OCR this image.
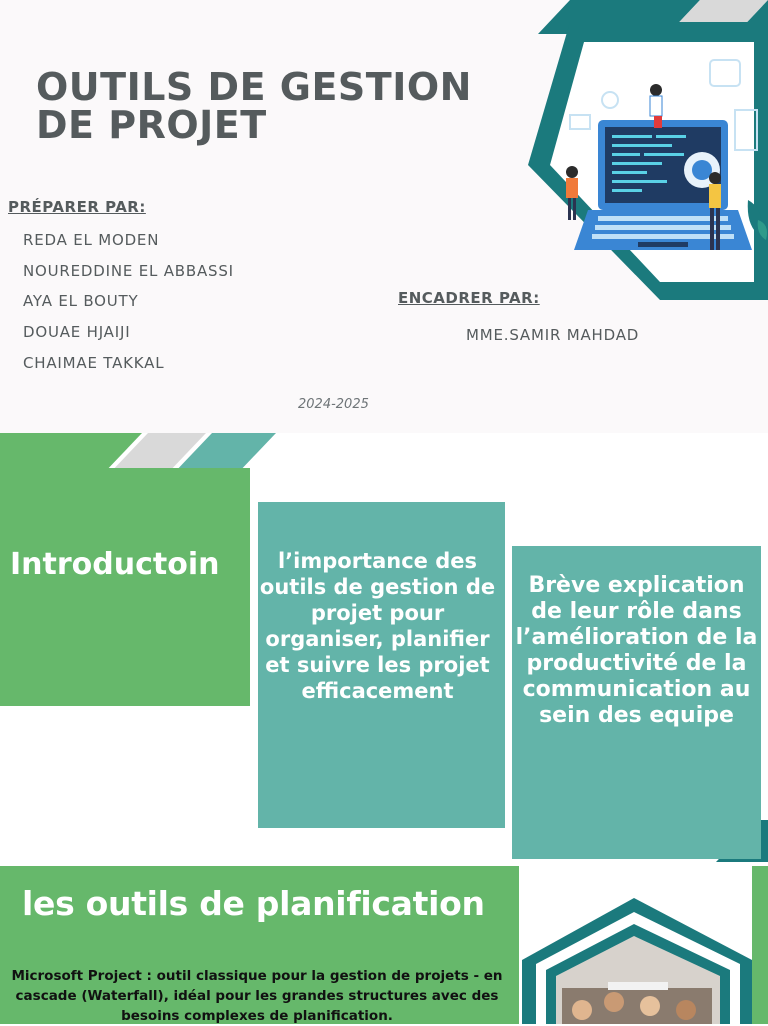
OUTILS DE GESTION
DE PROJET
PRÉPARER PAR:
REDA EL MODEN
NOUREDDINE EL ABBASSI
AYA EL BOUTY
DOUAE HJAIJI
CHAIMAE TAKKAL
ENCADRER PAR:
MME.SAMIR MAHDAD
2024-2025
Introductoin	l’importance des outils de gestion de projet pour organiser, planifier et suivre les projet efficacement
Brève explication de leur rôle dans l’amélioration de la productivité de la communication au sein des equipe
les outils de planification
Microsoft Project : outil classique pour la gestion de projets - en cascade (Waterfall), idéal pour les grandes structures avec des besoins complexes de planification.
